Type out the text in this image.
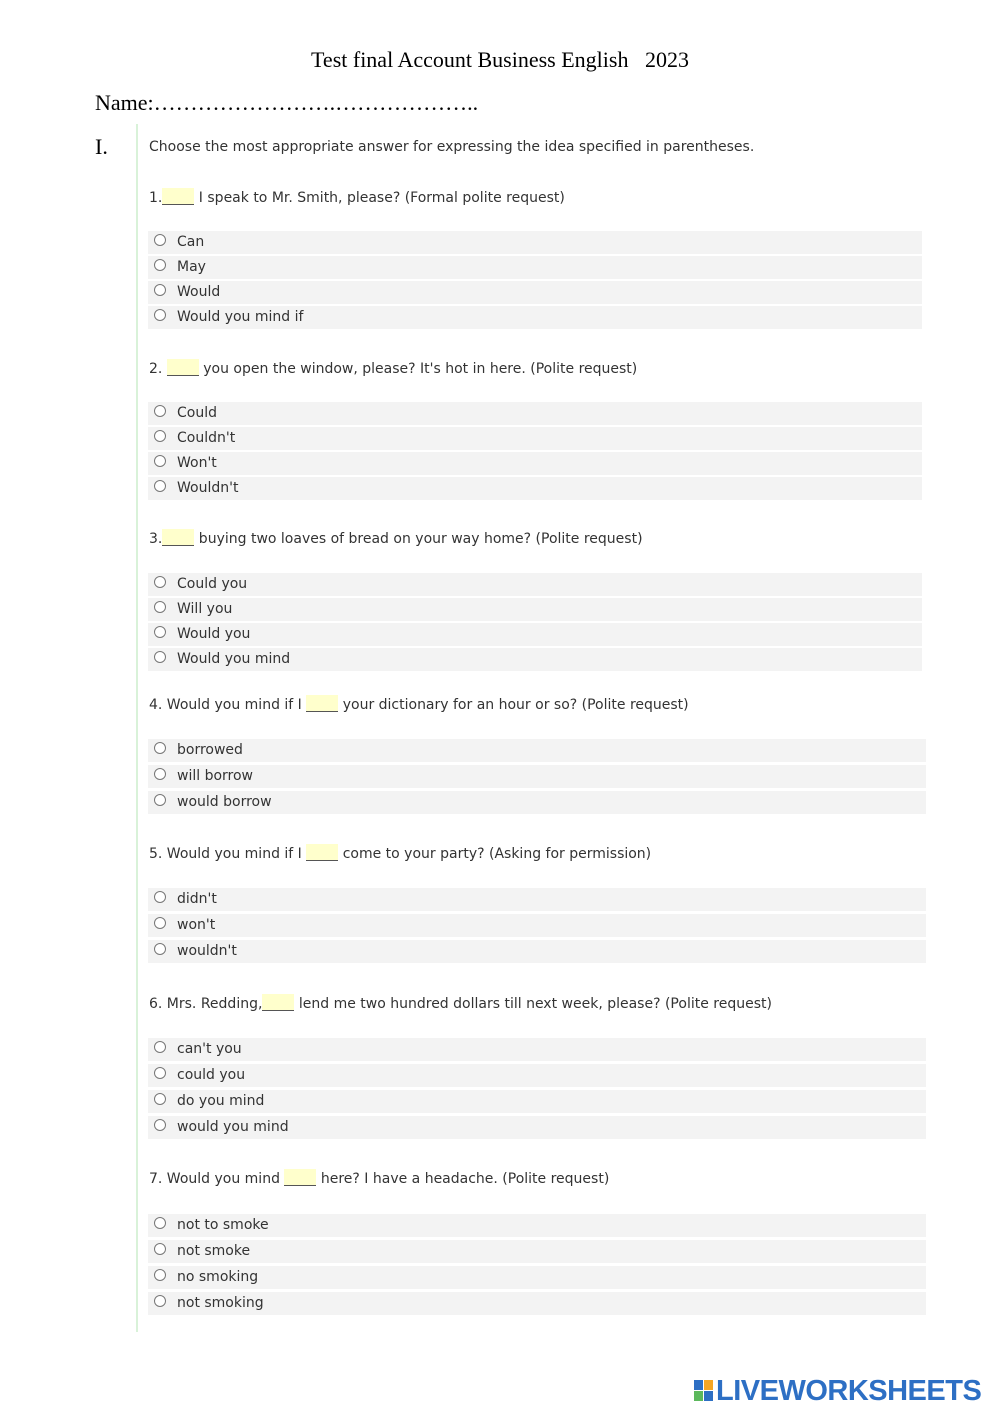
Test final Account Business English   2023
Name:…………………….………………..
I.	Choose the most appropriate answer for expressing the idea specified in parentheses.
1. I speak to Mr. Smith, please? (Formal polite request)
Can
May
Would
Would you mind if
2.  you open the window, please? It's hot in here. (Polite request)
Could
Couldn't
Won't
Wouldn't
3. buying two loaves of bread on your way home? (Polite request)
Could you
Will you
Would you
Would you mind
4. Would you mind if I  your dictionary for an hour or so? (Polite request)
borrowed
will borrow
would borrow
5. Would you mind if I  come to your party? (Asking for permission)
didn't
won't
wouldn't
6. Mrs. Redding, lend me two hundred dollars till next week, please? (Polite request)
can't you
could you
do you mind
would you mind
7. Would you mind  here? I have a headache. (Polite request)
not to smoke
not smoke
no smoking
not smoking
LIVEWORKSHEETS
